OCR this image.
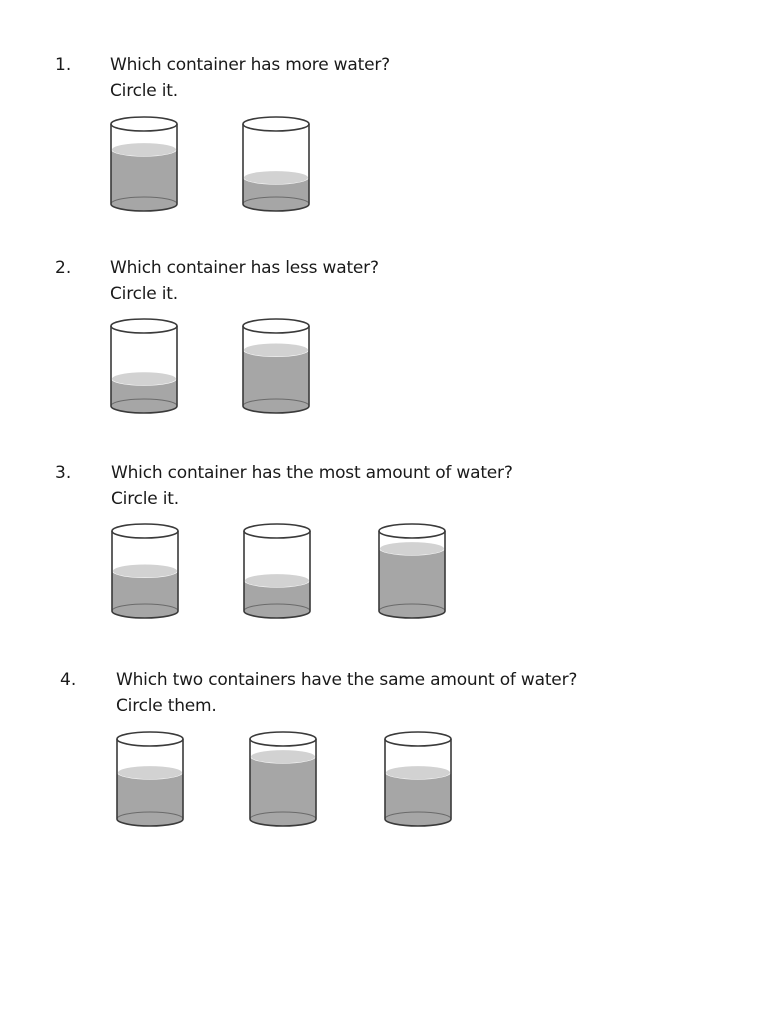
1. Which container has more water?
Circle it.
2. Which container has less water?
Circle it.
3. Which container has the most amount of water?
Circle it.
4. Which two containers have the same amount of water?
Circle them.
